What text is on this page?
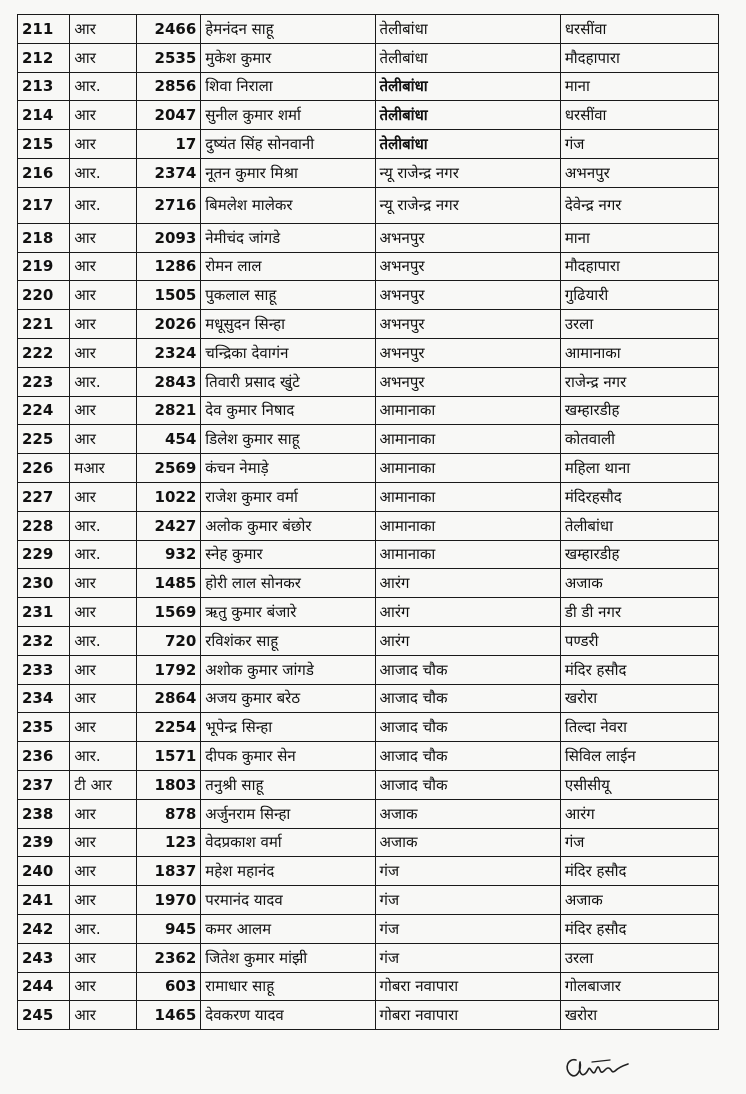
211	आर	2466	हेमनंदन साहू	तेलीबांधा	धरसींवा
212	आर	2535	मुकेश कुमार	तेलीबांधा	मौदहापारा
213	आर.	2856	शिवा निराला	तेलीबांधा	माना
214	आर	2047	सुनील कुमार शर्मा	तेलीबांधा	धरसींवा
215	आर	17	दुष्यंत सिंह सोनवानी	तेलीबांधा	गंज
216	आर.	2374	नूतन कुमार मिश्रा	न्यू राजेन्द्र नगर	अभनपुर
217	आर.	2716	बिमलेश मालेकर	न्यू राजेन्द्र नगर	देवेन्द्र नगर
218	आर	2093	नेमीचंद जांगडे	अभनपुर	माना
219	आर	1286	रोमन लाल	अभनपुर	मौदहापारा
220	आर	1505	पुकलाल साहू	अभनपुर	गुढियारी
221	आर	2026	मधूसुदन सिन्हा	अभनपुर	उरला
222	आर	2324	चन्द्रिका देवागंन	अभनपुर	आमानाका
223	आर.	2843	तिवारी प्रसाद खुंटे	अभनपुर	राजेन्द्र नगर
224	आर	2821	देव कुमार निषाद	आमानाका	खम्हारडीह
225	आर	454	डिलेश कुमार साहू	आमानाका	कोतवाली
226	मआर	2569	कंचन नेमाड़े	आमानाका	महिला थाना
227	आर	1022	राजेश कुमार वर्मा	आमानाका	मंदिरहसौद
228	आर.	2427	अलोक कुमार बंछोर	आमानाका	तेलीबांधा
229	आर.	932	स्नेह कुमार	आमानाका	खम्हारडीह
230	आर	1485	होरी लाल सोनकर	आरंग	अजाक
231	आर	1569	ऋतु कुमार बंजारे	आरंग	डी डी नगर
232	आर.	720	रविशंकर साहू	आरंग	पण्डरी
233	आर	1792	अशोक कुमार जांगडे	आजाद चौक	मंदिर हसौद
234	आर	2864	अजय कुमार बरेठ	आजाद चौक	खरोरा
235	आर	2254	भूपेन्द्र सिन्हा	आजाद चौक	तिल्दा नेवरा
236	आर.	1571	दीपक कुमार सेन	आजाद चौक	सिविल लाईन
237	टी आर	1803	तनुश्री साहू	आजाद चौक	एसीसीयू
238	आर	878	अर्जुनराम सिन्हा	अजाक	आरंग
239	आर	123	वेदप्रकाश वर्मा	अजाक	गंज
240	आर	1837	महेश महानंद	गंज	मंदिर हसौद
241	आर	1970	परमानंद यादव	गंज	अजाक
242	आर.	945	कमर आलम	गंज	मंदिर हसौद
243	आर	2362	जितेश कुमार मांझी	गंज	उरला
244	आर	603	रामाधार साहू	गोबरा नवापारा	गोलबाजार
245	आर	1465	देवकरण यादव	गोबरा नवापारा	खरोरा
